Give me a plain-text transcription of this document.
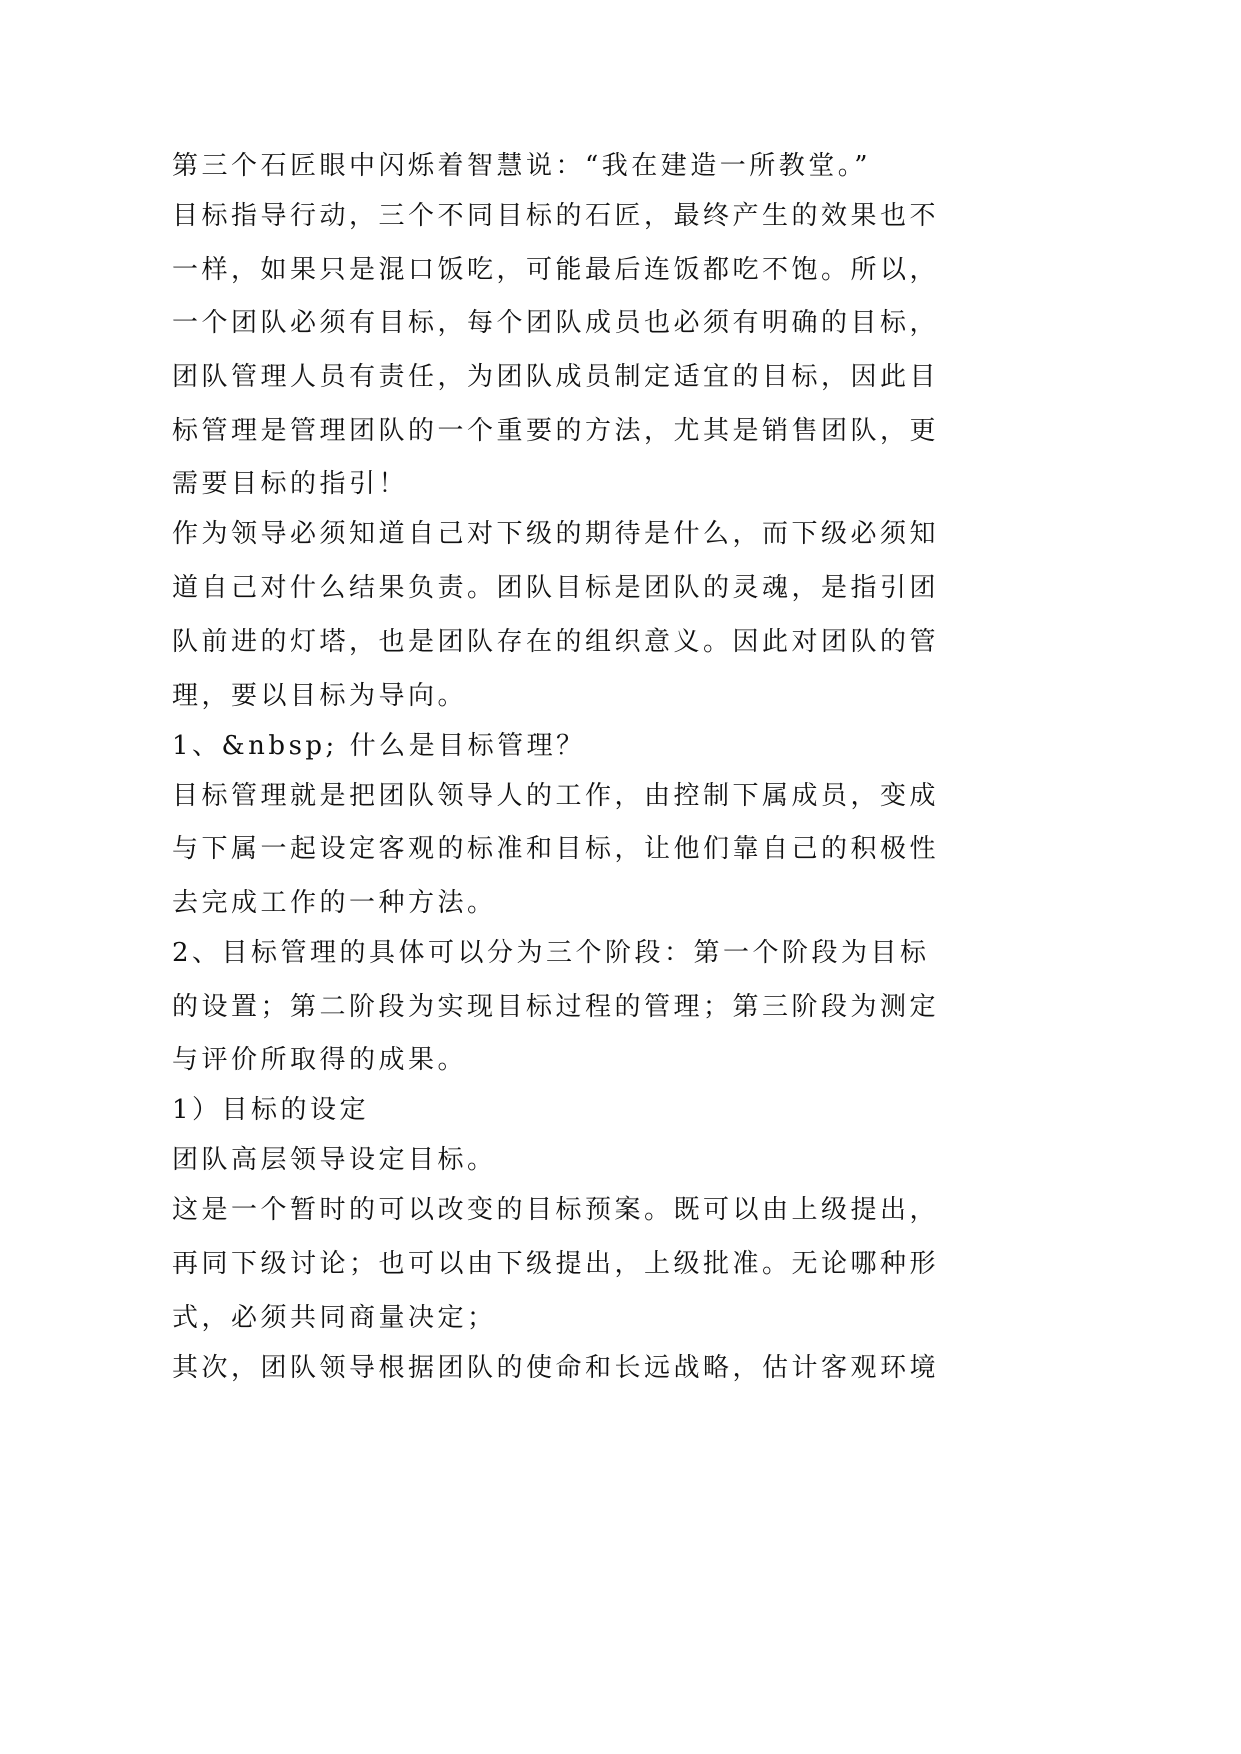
第三个石匠眼中闪烁着智慧说：“我在建造一所教堂。”
目标指导行动，三个不同目标的石匠，最终产生的效果也不
一样，如果只是混口饭吃，可能最后连饭都吃不饱。所以，
一个团队必须有目标，每个团队成员也必须有明确的目标，
团队管理人员有责任，为团队成员制定适宜的目标，因此目
标管理是管理团队的一个重要的方法，尤其是销售团队，更
需要目标的指引！
作为领导必须知道自己对下级的期待是什么，而下级必须知
道自己对什么结果负责。团队目标是团队的灵魂，是指引团
队前进的灯塔，也是团队存在的组织意义。因此对团队的管
理，要以目标为导向。
1、&nbsp; 什么是目标管理？
目标管理就是把团队领导人的工作，由控制下属成员，变成
与下属一起设定客观的标准和目标，让他们靠自己的积极性
去完成工作的一种方法。
2、目标管理的具体可以分为三个阶段：第一个阶段为目标
的设置；第二阶段为实现目标过程的管理；第三阶段为测定
与评价所取得的成果。
1）目标的设定
团队高层领导设定目标。
这是一个暂时的可以改变的目标预案。既可以由上级提出，
再同下级讨论；也可以由下级提出，上级批准。无论哪种形
式，必须共同商量决定；
其次，团队领导根据团队的使命和长远战略，估计客观环境
